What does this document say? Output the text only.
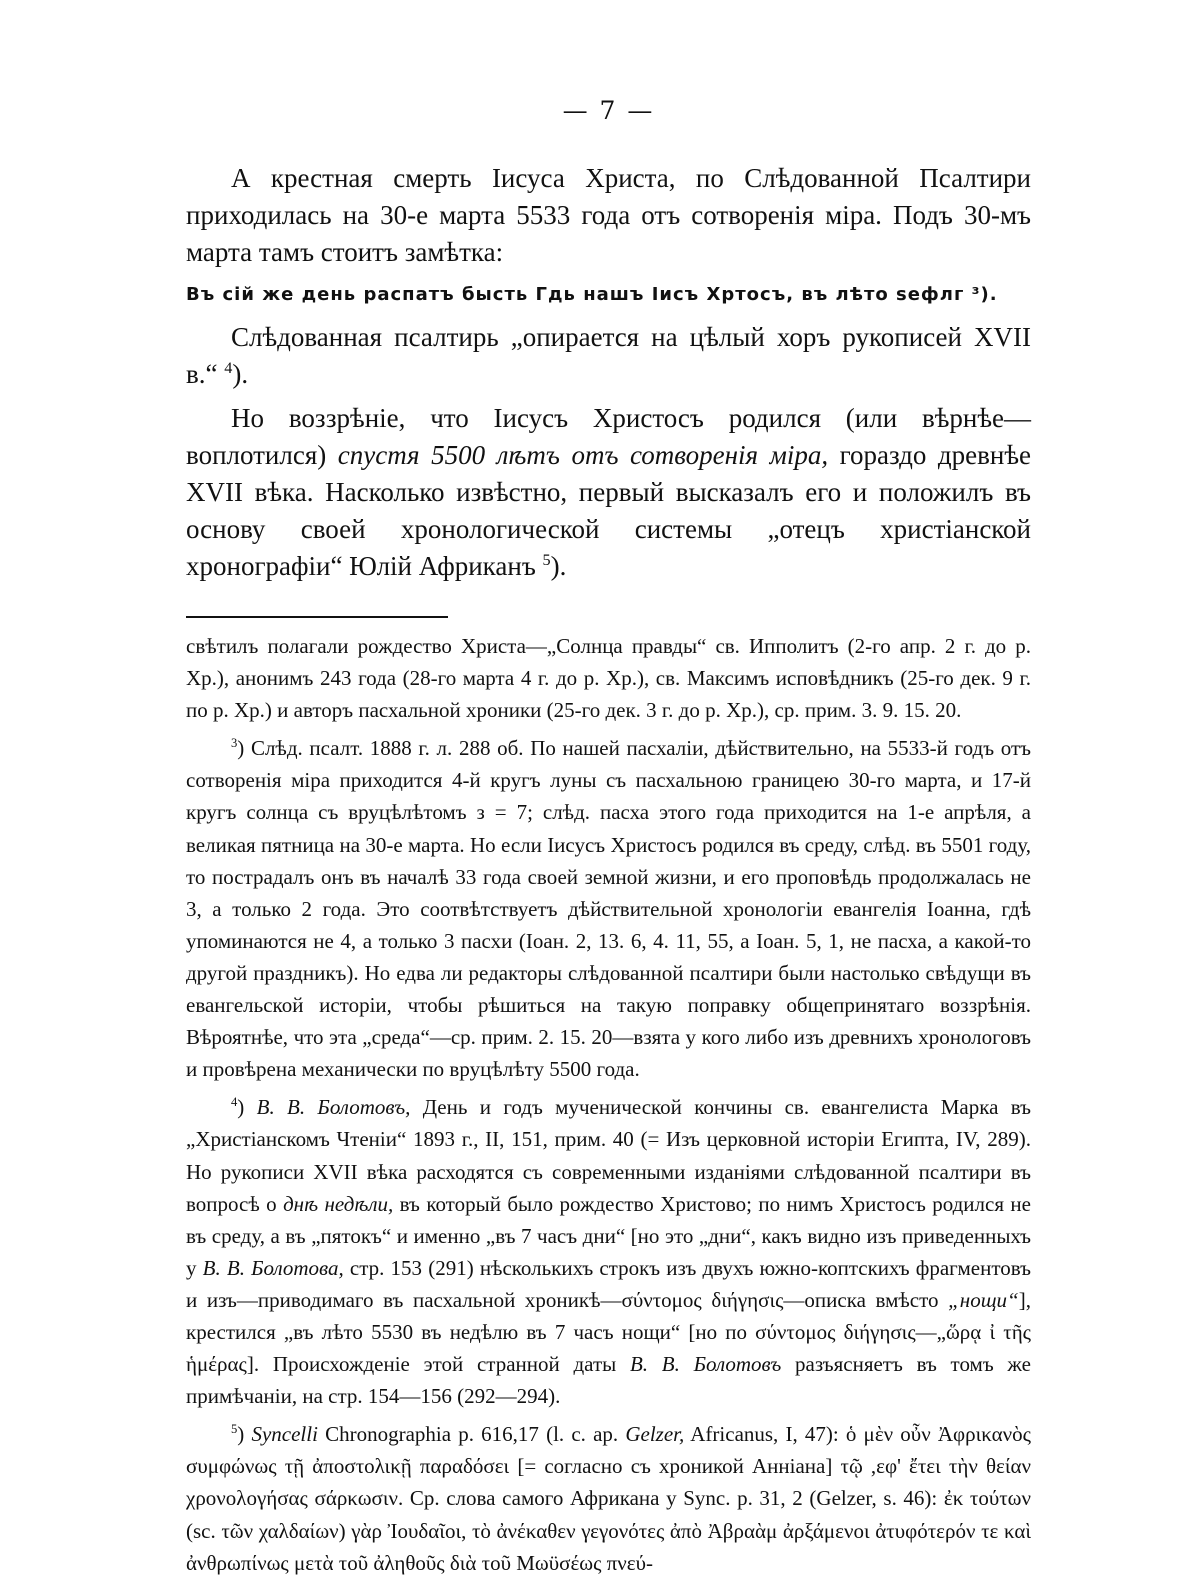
— 7 —

А крестная смерть Іисуса Христа, по Слѣдованной Псалтири приходилась на 30-е марта 5533 года отъ сотворенія міра. Подъ 30-мъ марта тамъ стоитъ замѣтка:

Въ сій же день распатъ бысть Гдь нашъ Іисъ Хртосъ, въ лѣто ѕефлг ³).

Слѣдованная псалтирь „опирается на цѣлый хоръ рукописей XVII в.“ $^4$).

Но воззрѣніе, что Іисусъ Христосъ родился (или вѣрнѣе—воплотился) спустя 5500 лѣтъ отъ сотворенія міра, гораздо древнѣе XVII вѣка. Насколько извѣстно, первый высказалъ его и положилъ въ основу своей хронологической системы „отецъ христіанской хронографіи“ Юлій Африканъ $^5$).

свѣтилъ полагали рождество Христа—„Солнца правды“ св. Ипполитъ (2-го апр. 2 г. до р. Хр.), анонимъ 243 года (28-го марта 4 г. до р. Хр.), св. Максимъ исповѣдникъ (25-го дек. 9 г. по р. Хр.) и авторъ пасхальной хроники (25-го дек. 3 г. до р. Хр.), ср. прим. 3. 9. 15. 20.

$^3$) Слѣд. псалт. 1888 г. л. 288 об. По нашей пасхаліи, дѣйствительно, на 5533-й годъ отъ сотворенія міра приходится 4-й кругъ луны съ пасхальною границею 30-го марта, и 17-й кругъ солнца съ вруцѣлѣтомъ з = 7; слѣд. пасха этого года приходится на 1-е апрѣля, а великая пятница на 30-е марта. Но если Іисусъ Христосъ родился въ среду, слѣд. въ 5501 году, то пострадалъ онъ въ началѣ 33 года своей земной жизни, и его проповѣдь продолжалась не 3, а только 2 года. Это соотвѣтствуетъ дѣйствительной хронологіи евангелія Іоанна, гдѣ упоминаются не 4, а только 3 пасхи (Іоан. 2, 13. 6, 4. 11, 55, а Іоан. 5, 1, не пасха, а какой-то другой праздникъ). Но едва ли редакторы слѣдованной псалтири были настолько свѣдущи въ евангельской исторіи, чтобы рѣшиться на такую поправку общепринятаго воззрѣнія. Вѣроятнѣе, что эта „среда“—ср. прим. 2. 15. 20—взята у кого либо изъ древнихъ хронологовъ и провѣрена механически по вруцѣлѣту 5500 года.

$^4$) В. В. Болотовъ, День и годъ мученической кончины св. евангелиста Марка въ „Христіанскомъ Чтеніи“ 1893 г., II, 151, прим. 40 (= Изъ церковной исторіи Египта, IV, 289). Но рукописи XVII вѣка расходятся съ современными изданіями слѣдованной псалтири въ вопросѣ о днѣ недѣли, въ который было рождество Христово; по нимъ Христосъ родился не въ среду, а въ „пятокъ“ и именно „въ 7 часъ дни“ [но это „дни“, какъ видно изъ приведенныхъ у В. В. Болотова, стр. 153 (291) нѣсколькихъ строкъ изъ двухъ южно-коптскихъ фрагментовъ и изъ—приводимаго въ пасхальной хроникѣ—σύντομος διήγησις—описка вмѣсто „нощи“], крестился „въ лѣто 5530 въ недѣлю въ 7 часъ нощи“ [но по σύντομος διήγησις—„ὥρᾳ ἰ τῆς ἡμέρας]. Происхожденіе этой странной даты В. В. Болотовъ разъясняетъ въ томъ же примѣчаніи, на стр. 154—156 (292—294).

$^5$) Syncelli Chronographia p. 616,17 (l. c. ap. Gelzer, Africanus, I, 47): ὁ μὲν οὖν Ἀφρικανὸς συμφώνως τῇ ἀποστολικῇ παραδόσει [= согласно съ хроникой Анніана] τῷ ,εφ' ἔτει τὴν θείαν χρονολογήσας σάρκωσιν. Ср. слова самого Африкана у Sync. p. 31, 2 (Gelzer, s. 46): ἐκ τούτων (sc. τῶν χαλδαίων) γὰρ Ἰουδαῖοι, τὸ ἀνέκαθεν γεγονότες ἀπὸ Ἀβραὰμ ἀρξάμενοι ἀτυφότερόν τε καὶ ἀνθρωπίνως μετὰ τοῦ ἀληθοῦς διὰ τοῦ Μωϋσέως πνεύ-
